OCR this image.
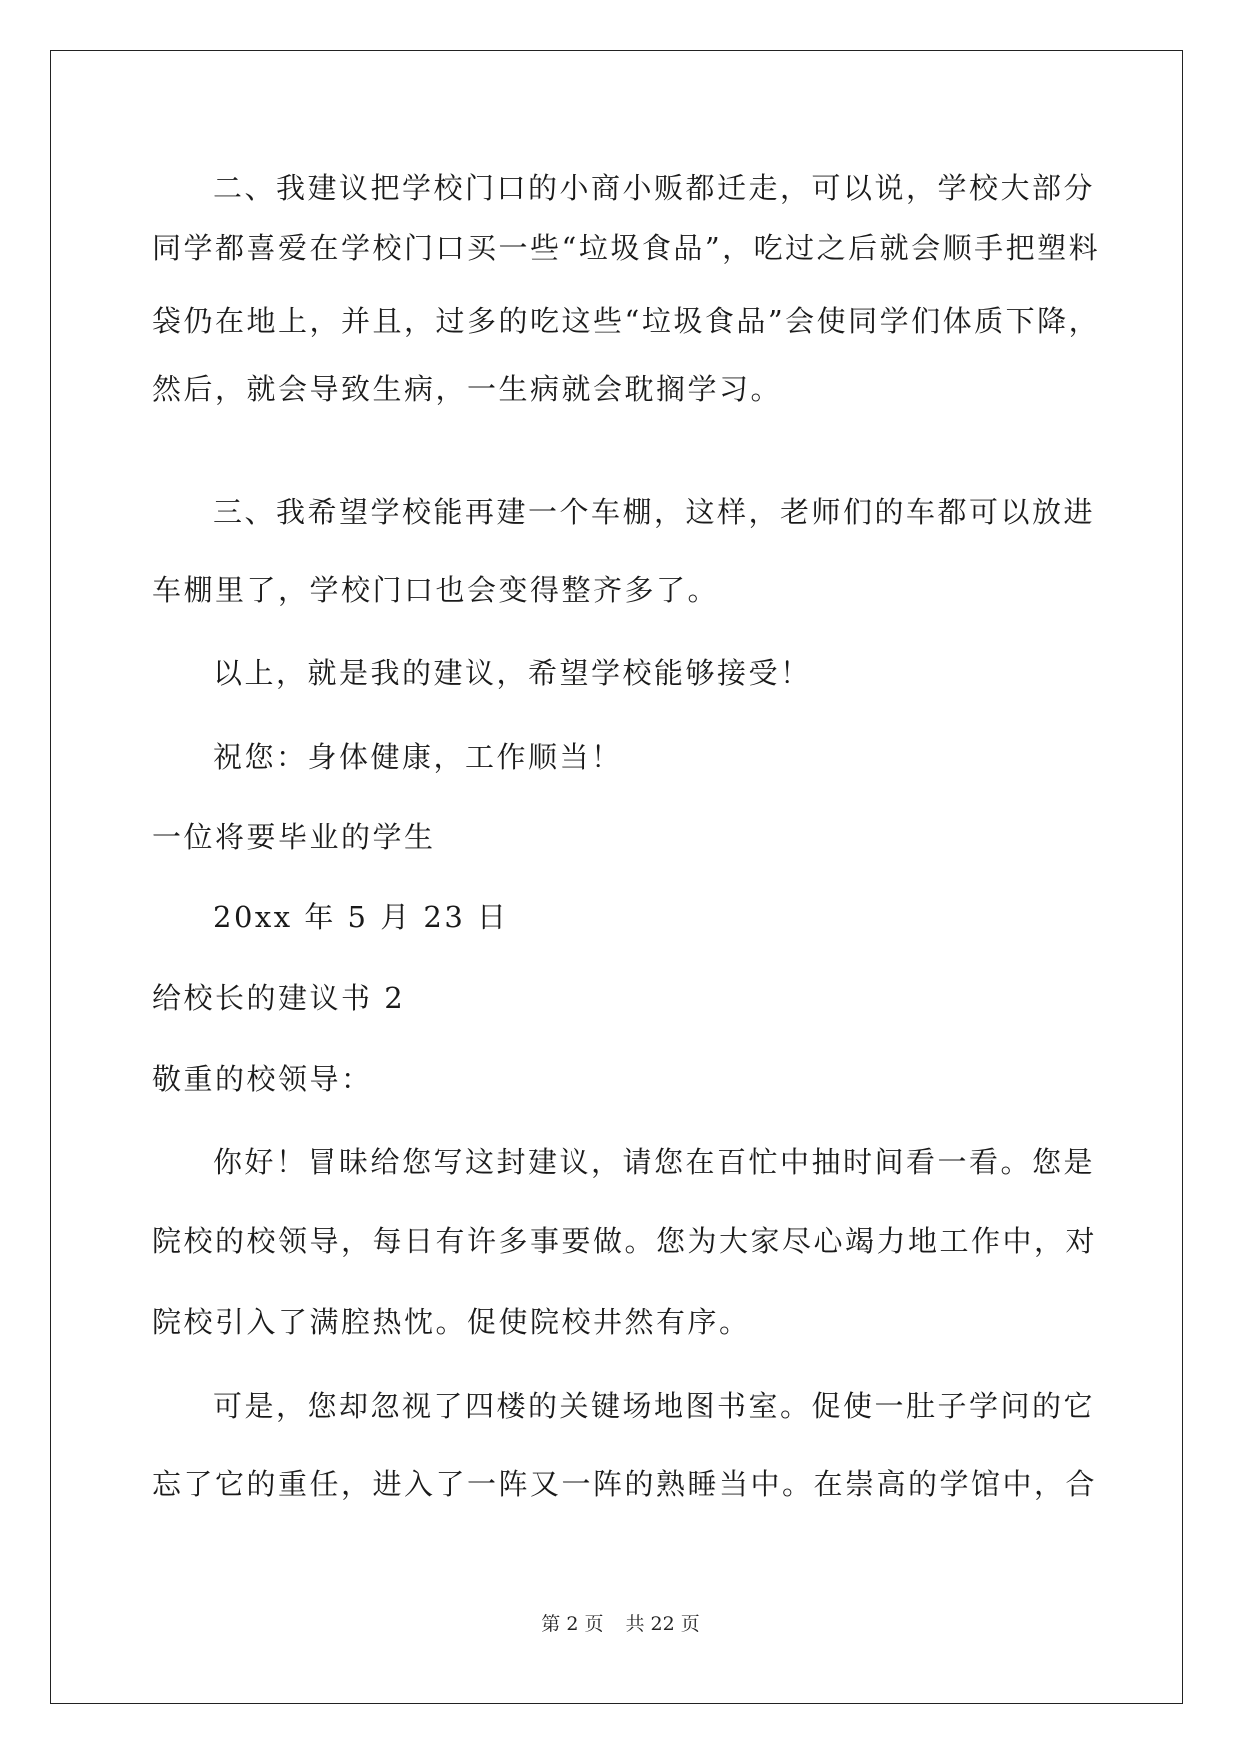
二、我建议把学校门口的小商小贩都迁走，可以说，学校大部分
同学都喜爱在学校门口买一些“垃圾食品”，吃过之后就会顺手把塑料
袋仍在地上，并且，过多的吃这些“垃圾食品”会使同学们体质下降，
然后，就会导致生病，一生病就会耽搁学习。
三、我希望学校能再建一个车棚，这样，老师们的车都可以放进
车棚里了，学校门口也会变得整齐多了。
以上，就是我的建议，希望学校能够接受！
祝您：身体健康，工作顺当！
一位将要毕业的学生
20xx 年 5 月 23 日
给校长的建议书 2
敬重的校领导：
你好！冒昧给您写这封建议，请您在百忙中抽时间看一看。您是
院校的校领导，每日有许多事要做。您为大家尽心竭力地工作中，对
院校引入了满腔热忱。促使院校井然有序。
可是，您却忽视了四楼的关键场地图书室。促使一肚子学问的它
忘了它的重任，进入了一阵又一阵的熟睡当中。在崇高的学馆中，合
第 2 页 共 22 页
